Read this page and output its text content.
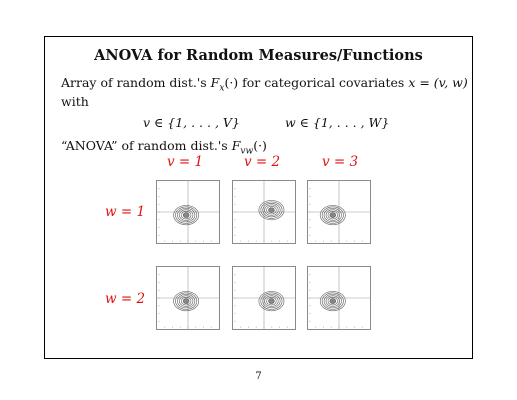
ANOVA for Random Measures/Functions
Array of random dist.'s $F_x(\cdot)$ for categorical covariates x = (v, w)
with
v ∈ {1, . . . , V}	w ∈ {1, . . . , W}
“ANOVA” of random dist.'s $F_{vw}(\cdot)$
v = 1	v = 2	v = 3
w = 1
w = 2
7
